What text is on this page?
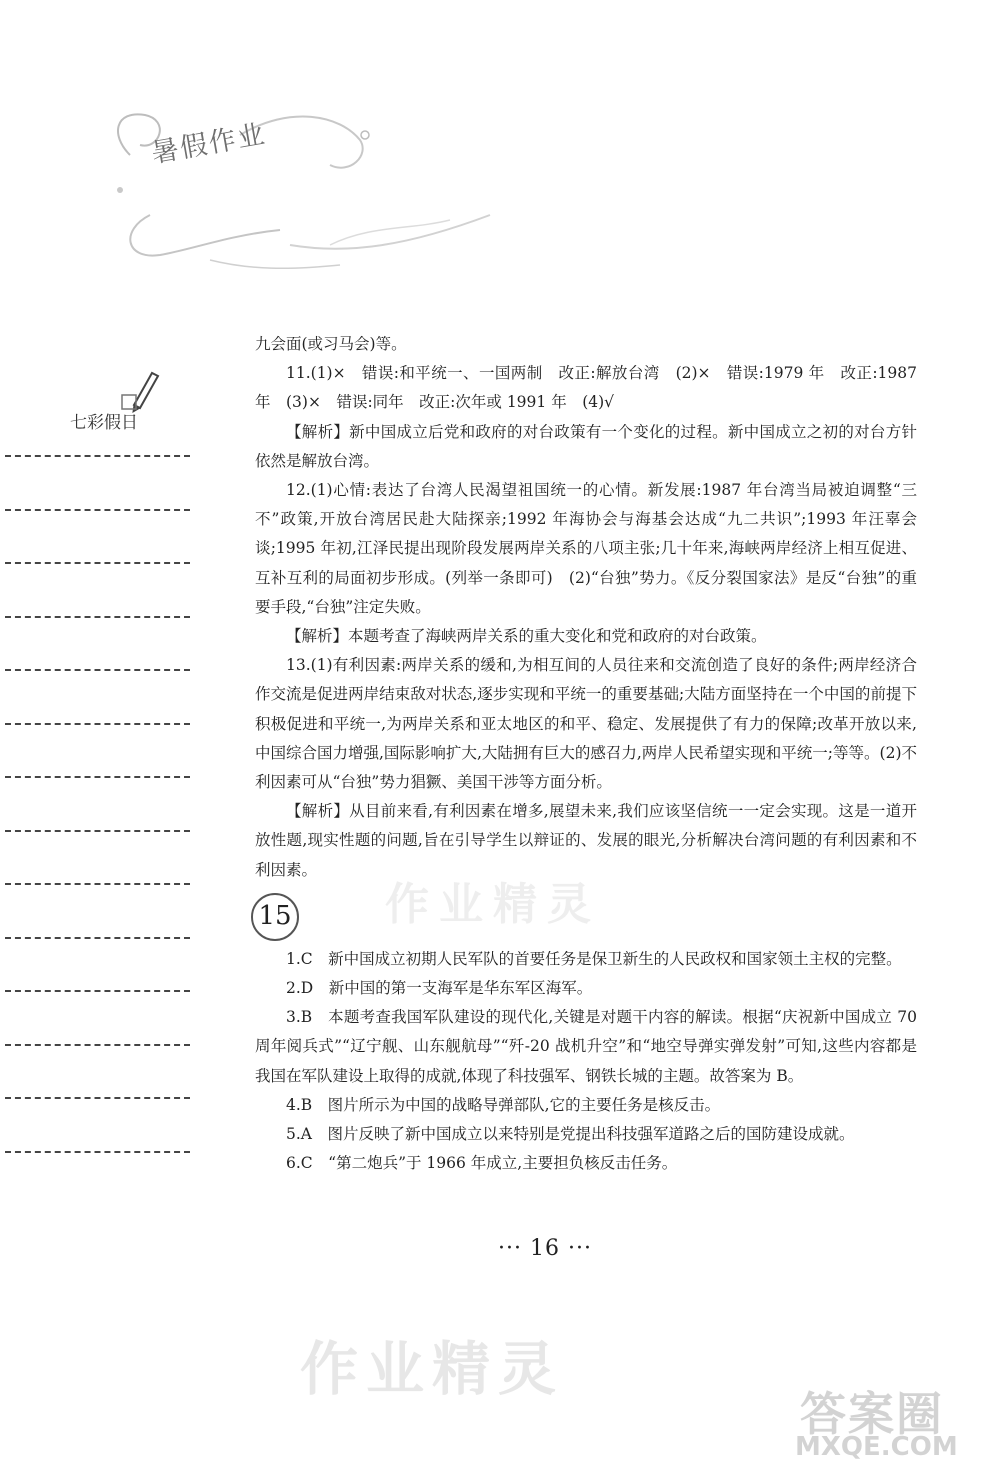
暑假作业
七彩假日

九会面(或习马会)等。

11.(1)×　错误:和平统一、一国两制　改正:解放台湾　(2)×　错误:1979 年　改正:1987 年　(3)×　错误:同年　改正:次年或 1991 年　(4)√

【解析】新中国成立后党和政府的对台政策有一个变化的过程。新中国成立之初的对台方针依然是解放台湾。

12.(1)心情:表达了台湾人民渴望祖国统一的心情。新发展:1987 年台湾当局被迫调整“三不”政策,开放台湾居民赴大陆探亲;1992 年海协会与海基会达成“九二共识”;1993 年汪辜会谈;1995 年初,江泽民提出现阶段发展两岸关系的八项主张;几十年来,海峡两岸经济上相互促进、互补互利的局面初步形成。(列举一条即可)　(2)“台独”势力。《反分裂国家法》是反“台独”的重要手段,“台独”注定失败。

【解析】本题考查了海峡两岸关系的重大变化和党和政府的对台政策。

13.(1)有利因素:两岸关系的缓和,为相互间的人员往来和交流创造了良好的条件;两岸经济合作交流是促进两岸结束敌对状态,逐步实现和平统一的重要基础;大陆方面坚持在一个中国的前提下积极促进和平统一,为两岸关系和亚太地区的和平、稳定、发展提供了有力的保障;改革开放以来,中国综合国力增强,国际影响扩大,大陆拥有巨大的感召力,两岸人民希望实现和平统一;等等。(2)不利因素可从“台独”势力猖獗、美国干涉等方面分析。

【解析】从目前来看,有利因素在增多,展望未来,我们应该坚信统一一定会实现。这是一道开放性题,现实性题的问题,旨在引导学生以辩证的、发展的眼光,分析解决台湾问题的有利因素和不利因素。

15

1.C　新中国成立初期人民军队的首要任务是保卫新生的人民政权和国家领土主权的完整。

2.D　新中国的第一支海军是华东军区海军。

3.B　本题考查我国军队建设的现代化,关键是对题干内容的解读。根据“庆祝新中国成立 70 周年阅兵式”“辽宁舰、山东舰航母”“歼-20 战机升空”和“地空导弹实弹发射”可知,这些内容都是我国在军队建设上取得的成就,体现了科技强军、钢铁长城的主题。故答案为 B。

4.B　图片所示为中国的战略导弹部队,它的主要任务是核反击。

5.A　图片反映了新中国成立以来特别是党提出科技强军道路之后的国防建设成就。

6.C　“第二炮兵”于 1966 年成立,主要担负核反击任务。

作业精灵
··· 16 ···
作业精灵
答案圈
MXQE.COM
